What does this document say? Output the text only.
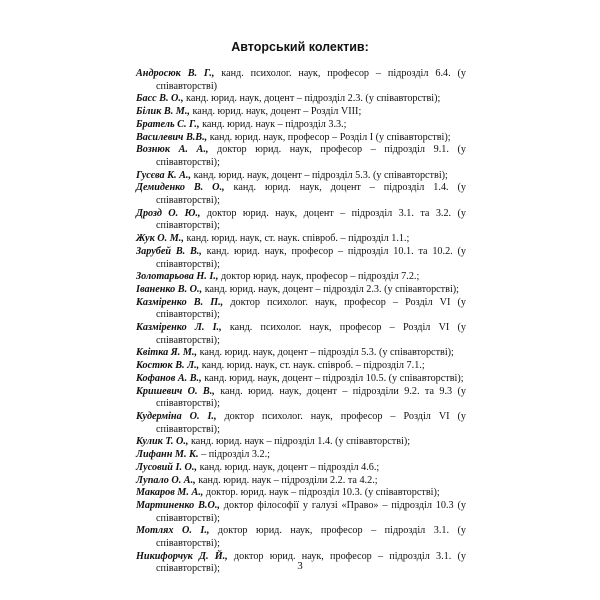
Авторський колектив:
Андросюк В. Г., канд. психолог. наук, професор – підрозділ 6.4. (у співавторстві)
Басс В. О., канд. юрид. наук, доцент – підрозділ 2.3. (у співавторстві);
Білик В. М., канд. юрид. наук, доцент – Розділ VIII;
Братель С. Г., канд. юрид. наук – підрозділ 3.3.;
Василевич В.В., канд. юрид. наук, професор – Розділ І (у співавторстві);
Вознюк А. А., доктор юрид. наук, професор – підрозділ 9.1. (у співавторстві);
Гусєва К. А., канд. юрид. наук, доцент – підрозділ 5.3. (у співавторстві);
Демиденко В. О., канд. юрид. наук, доцент – підрозділ 1.4. (у співавторстві);
Дрозд О. Ю., доктор юрид. наук, доцент – підрозділ 3.1. та 3.2. (у співавторстві);
Жук О. М., канд. юрид. наук, ст. наук. співроб. – підрозділ 1.1.;
Зарубей В. В., канд. юрид. наук, професор – підрозділ 10.1. та 10.2. (у співавторстві);
Золотарьова Н. І., доктор юрид. наук, професор – підрозділ 7.2.;
Іваненко В. О., канд. юрид. наук, доцент – підрозділ 2.3. (у співавторстві);
Казміренко В. П., доктор психолог. наук, професор – Розділ VI (у співавторстві);
Казміренко Л. І., канд. психолог. наук, професор – Розділ VI (у співавторстві);
Квітка Я. М., канд. юрид. наук, доцент – підрозділ 5.3. (у співавторстві);
Костюк В. Л., канд. юрид. наук, ст. наук. співроб. – підрозділ 7.1.;
Кофанов А. В., канд. юрид. наук, доцент – підрозділ 10.5. (у співавторстві);
Кришевич О. В., канд. юрид. наук, доцент – підрозділи 9.2. та 9.3 (у співавторстві);
Кудерміна О. І., доктор психолог. наук, професор – Розділ VI (у співавторстві);
Кулик Т. О., канд. юрид. наук – підрозділ 1.4. (у співавторстві);
Лифанн М. К. – підрозділ 3.2.;
Лусовий І. О., канд. юрид. наук, доцент – підрозділ 4.6.;
Лупало О. А., канд. юрид. наук – підрозділи 2.2. та 4.2.;
Макаров М. А., доктор. юрид. наук – підрозділ 10.3. (у співавторстві);
Мартиненко В.О., доктор філософії у галузі «Право» – підрозділ 10.3 (у співавторстві);
Мотлях О. І., доктор юрид. наук, професор – підрозділ 3.1. (у співавторстві);
Никифорчук Д. Й., доктор юрид. наук, професор – підрозділ 3.1. (у співавторстві);	3
